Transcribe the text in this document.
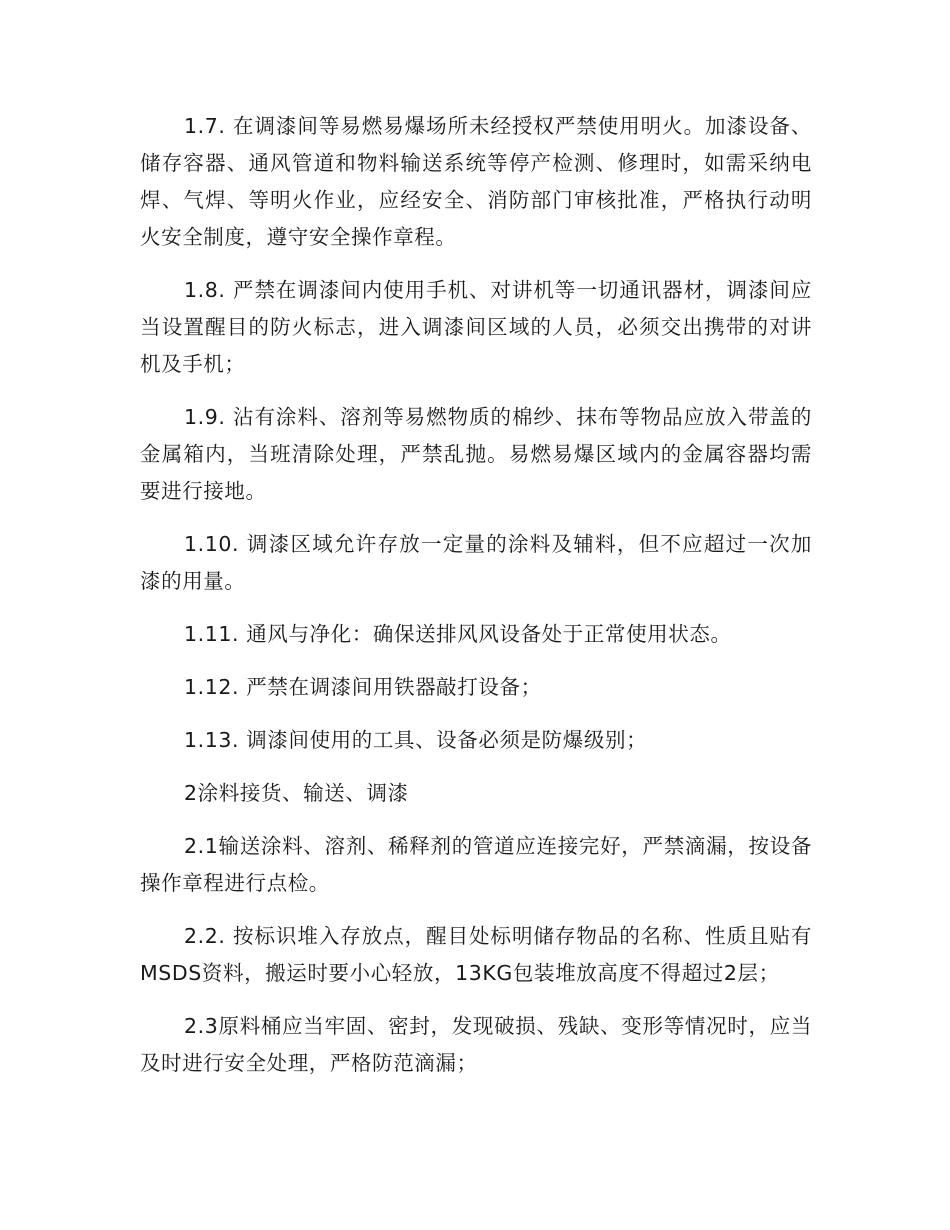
1.7. 在调漆间等易燃易爆场所未经授权严禁使用明火。加漆设备、储存容器、通风管道和物料输送系统等停产检测、修理时，如需采纳电焊、气焊、等明火作业，应经安全、消防部门审核批准，严格执行动明火安全制度，遵守安全操作章程。

1.8. 严禁在调漆间内使用手机、对讲机等一切通讯器材，调漆间应当设置醒目的防火标志，进入调漆间区域的人员，必须交出携带的对讲机及手机；

1.9. 沾有涂料、溶剂等易燃物质的棉纱、抹布等物品应放入带盖的金属箱内，当班清除处理，严禁乱抛。易燃易爆区域内的金属容器均需要进行接地。

1.10. 调漆区域允许存放一定量的涂料及辅料，但不应超过一次加漆的用量。

1.11. 通风与净化：确保送排风风设备处于正常使用状态。

1.12. 严禁在调漆间用铁器敲打设备；

1.13. 调漆间使用的工具、设备必须是防爆级别；

2涂料接货、输送、调漆

2.1输送涂料、溶剂、稀释剂的管道应连接完好，严禁滴漏，按设备操作章程进行点检。

2.2. 按标识堆入存放点，醒目处标明储存物品的名称、性质且贴有MSDS资料，搬运时要小心轻放，13KG包装堆放高度不得超过2层；

2.3原料桶应当牢固、密封，发现破损、残缺、变形等情况时，应当及时进行安全处理，严格防范滴漏；
